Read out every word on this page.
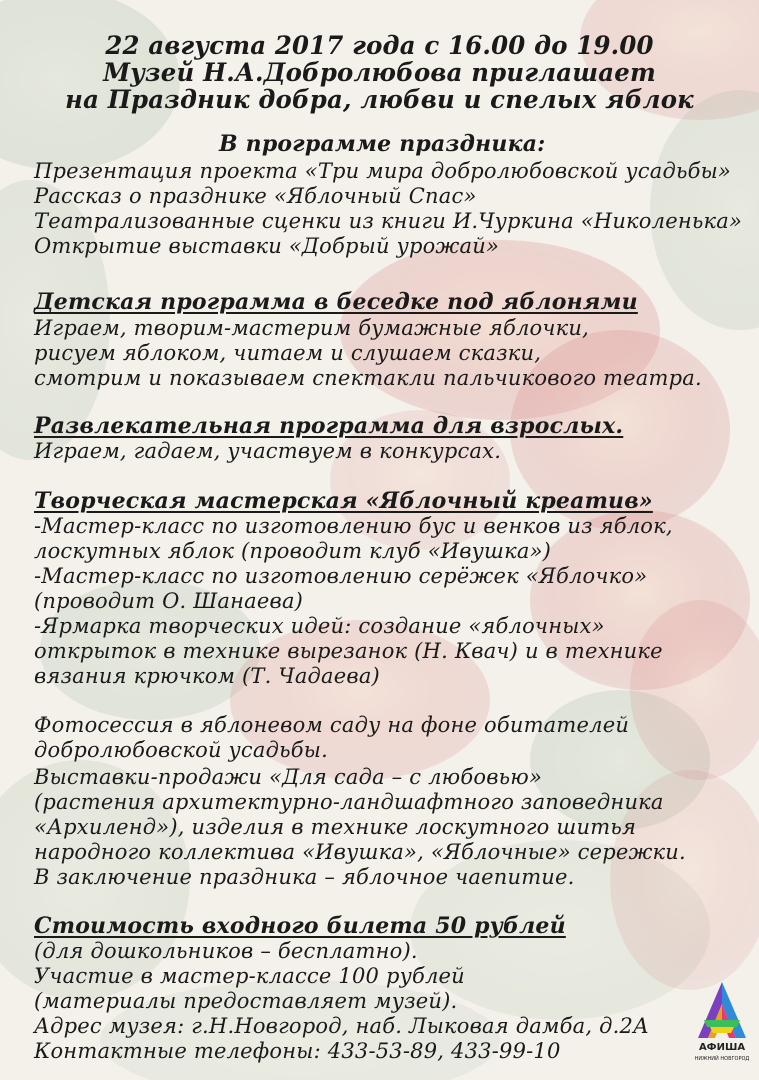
22 августа 2017 года с 16.00 до 19.00
Музей Н.А.Добролюбова приглашает
на Праздник добра, любви и спелых яблок
В программе праздника:
Презентация проекта «Три мира добролюбовской усадьбы»
Рассказ о празднике «Яблочный Спас»
Театрализованные сценки из книги И.Чуркина «Николенька»
Открытие выставки «Добрый урожай»
Детская программа в беседке под яблонями
Играем, творим-мастерим бумажные яблочки,
рисуем яблоком, читаем и слушаем сказки,
смотрим и показываем спектакли пальчикового театра.
Развлекательная программа для взрослых.
Играем, гадаем, участвуем в конкурсах.
Творческая мастерская «Яблочный креатив»
-Мастер-класс по изготовлению бус и венков из яблок,
лоскутных яблок (проводит клуб «Ивушка»)
-Мастер-класс по изготовлению серёжек «Яблочко»
(проводит О. Шанаева)
-Ярмарка творческих идей: создание «яблочных»
открыток в технике вырезанок (Н. Квач) и в технике
вязания крючком (Т. Чадаева)
Фотосессия в яблоневом саду на фоне обитателей
добролюбовской усадьбы.
Выставки-продажи «Для сада – с любовью»
(растения архитектурно-ландшафтного заповедника
«Архиленд»), изделия в технике лоскутного шитья
народного коллектива «Ивушка», «Яблочные» сережки.
В заключение праздника – яблочное чаепитие.
Стоимость входного билета 50 рублей
(для дошкольников – бесплатно).
Участие в мастер-классе 100 рублей
(материалы предоставляет музей).
Адрес музея: г.Н.Новгород, наб. Лыковая дамба, д.2А
Контактные телефоны: 433-53-89, 433-99-10	АФИША
НИЖНИЙ НОВГОРОД
